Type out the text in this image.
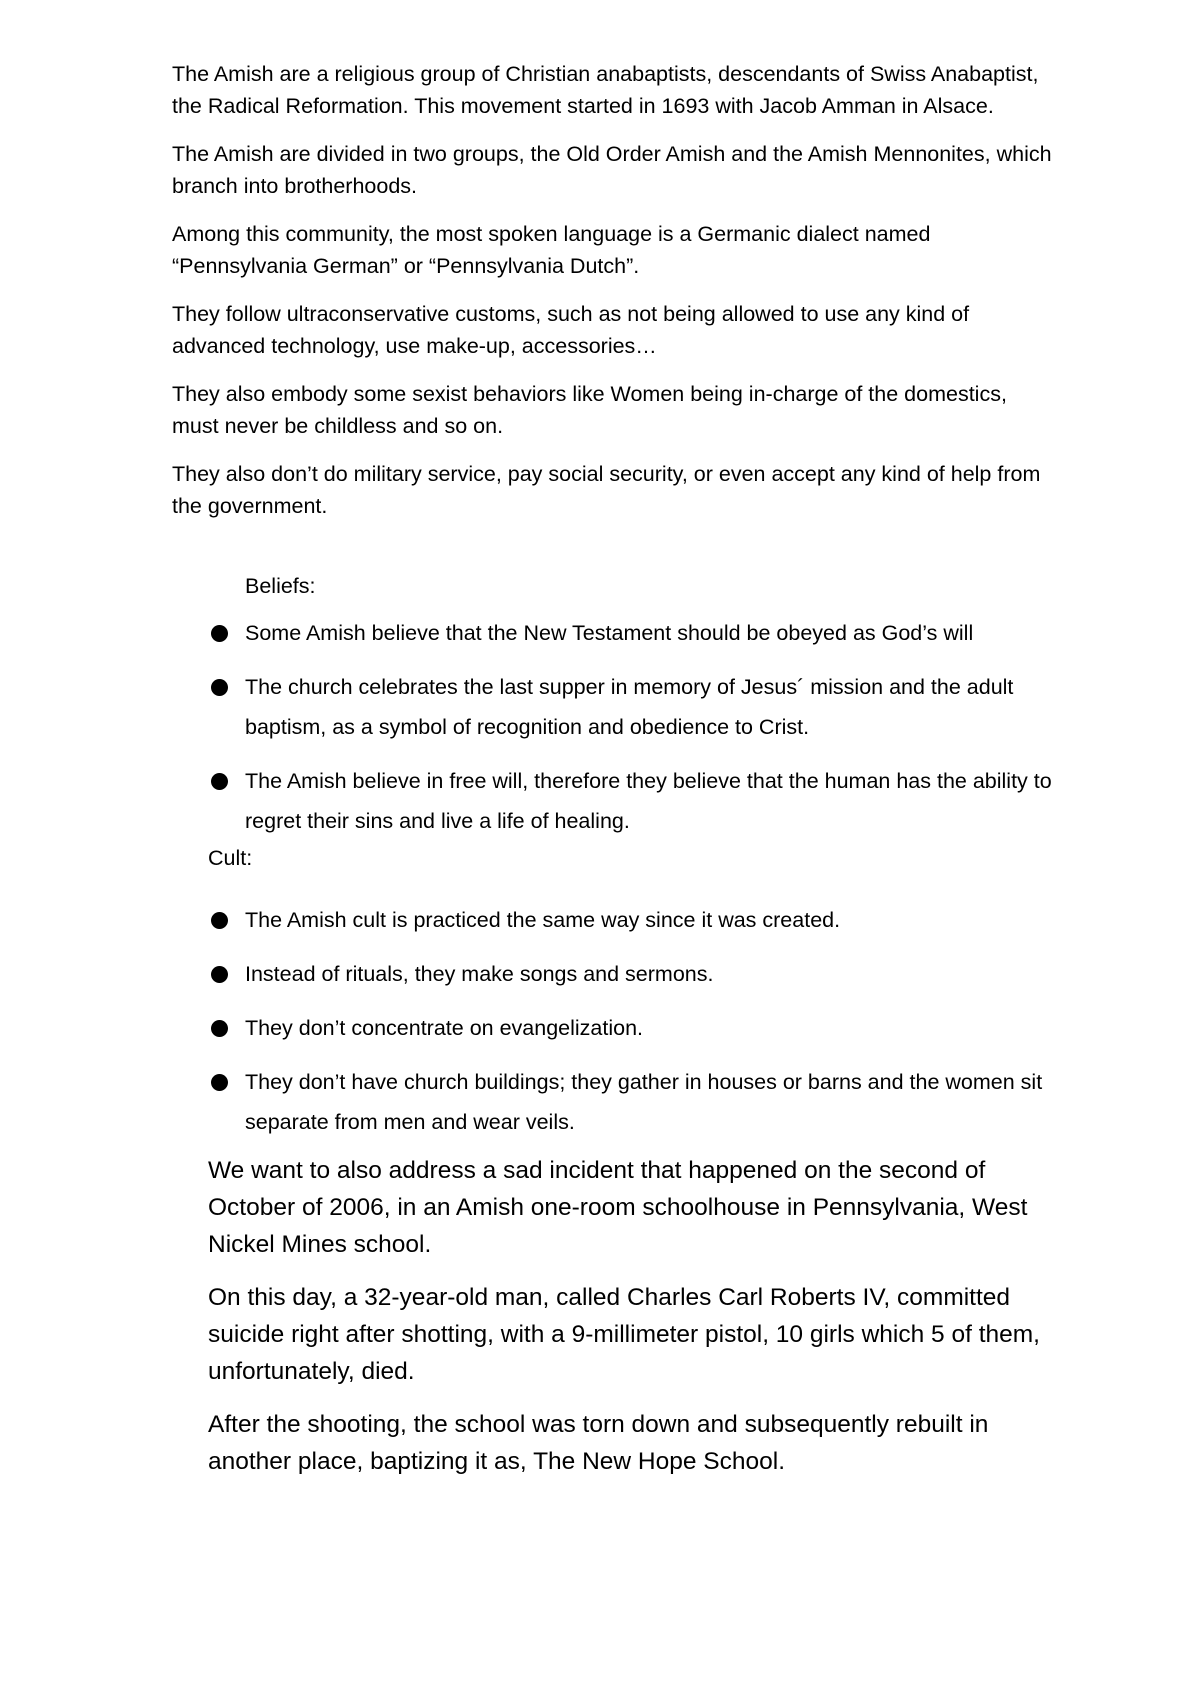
The Amish are a religious group of Christian anabaptists, descendants of Swiss Anabaptist, the Radical Reformation. This movement started in 1693 with Jacob Amman in Alsace.

The Amish are divided in two groups, the Old Order Amish and the Amish Mennonites, which branch into brotherhoods.

Among this community, the most spoken language is a Germanic dialect named “Pennsylvania German” or “Pennsylvania Dutch”.

They follow ultraconservative customs, such as not being allowed to use any kind of advanced technology, use make-up, accessories…

They also embody some sexist behaviors like Women being in-charge of the domestics, must never be childless and so on.

They also don’t do military service, pay social security, or even accept any kind of help from the government.

Beliefs:
Some Amish believe that the New Testament should be obeyed as God’s will
The church celebrates the last supper in memory of Jesus´ mission and the adult baptism, as a symbol of recognition and obedience to Crist.
The Amish believe in free will, therefore they believe that the human has the ability to regret their sins and live a life of healing.
Cult:
The Amish cult is practiced the same way since it was created.
Instead of rituals, they make songs and sermons.
They don’t concentrate on evangelization.
They don’t have church buildings; they gather in houses or barns and the women sit separate from men and wear veils.

We want to also address a sad incident that happened on the second of October of 2006, in an Amish one-room schoolhouse in Pennsylvania, West Nickel Mines school.

On this day, a 32-year-old man, called Charles Carl Roberts IV, committed suicide right after shotting, with a 9-millimeter pistol, 10 girls which 5 of them, unfortunately, died.

After the shooting, the school was torn down and subsequently rebuilt in another place, baptizing it as, The New Hope School.
